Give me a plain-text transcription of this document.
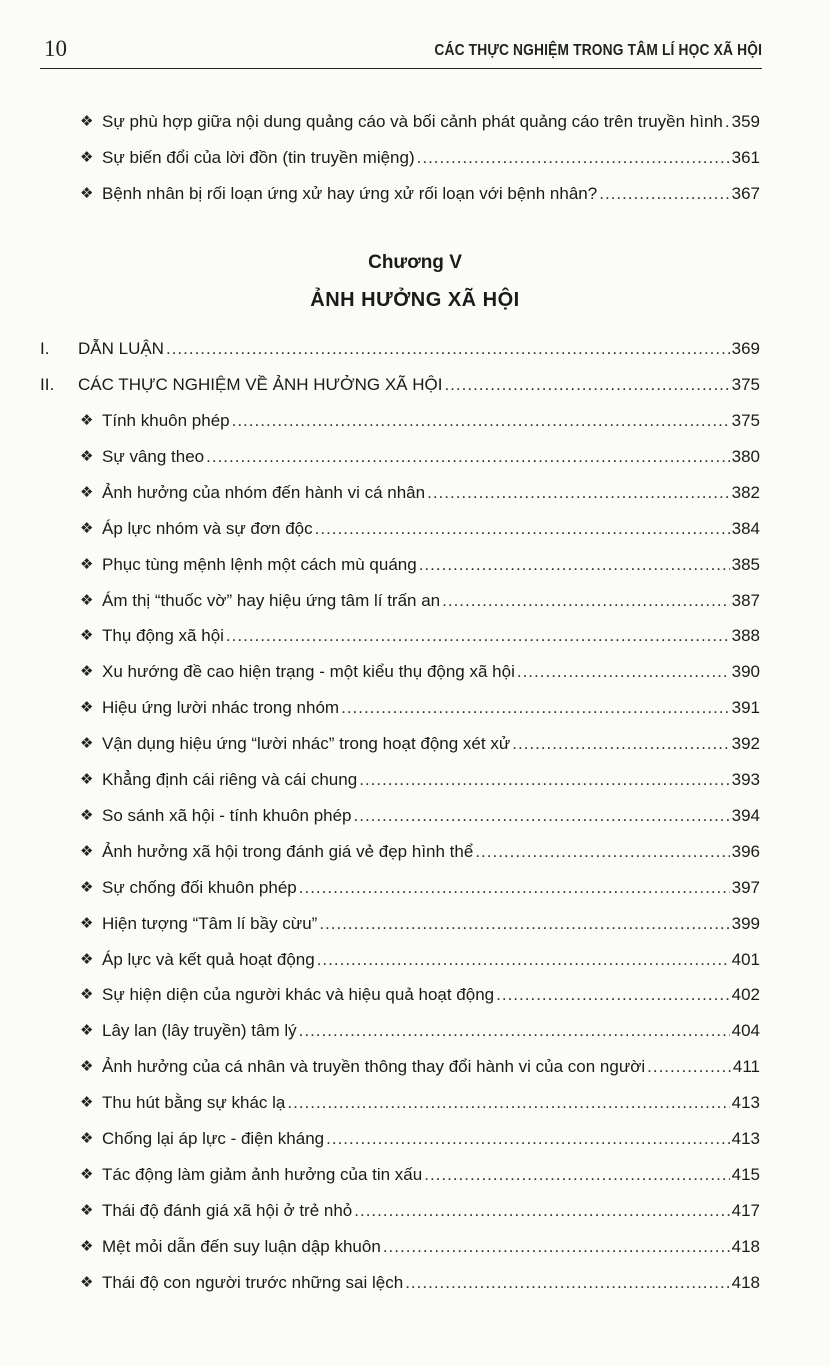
10	CÁC THỰC NGHIỆM TRONG TÂM LÍ HỌC XÃ HỘI
Chương V
ẢNH HƯỞNG XÃ HỘI
❖ Sự phù hợp giữa nội dung quảng cáo và bối cảnh phát quảng cáo trên truyền hình ..... 359
❖ Sự biến đổi của lời đồn (tin truyền miệng) .....	361
❖ Bệnh nhân bị rối loạn ứng xử hay ứng xử rối loạn với bệnh nhân? .....	367
I.	DẪN LUẬN .....	369
II.	CÁC THỰC NGHIỆM VỀ ẢNH HƯỞNG XÃ HỘI .....	375
❖ Tính khuôn phép .....	375
❖ Sự vâng theo .....	380
❖ Ảnh hưởng của nhóm đến hành vi cá nhân .....	382
❖ Áp lực nhóm và sự đơn độc .....	384
❖ Phục tùng mệnh lệnh một cách mù quáng .....	385
❖ Ám thị “thuốc vờ” hay hiệu ứng tâm lí trấn an .....	387
❖ Thụ động xã hội .....	388
❖ Xu hướng đề cao hiện trạng - một kiểu thụ động xã hội .....	390
❖ Hiệu ứng lười nhác trong nhóm .....	391
❖ Vận dụng hiệu ứng “lười nhác” trong hoạt động xét xử .....	392
❖ Khẳng định cái riêng và cái chung .....	393
❖ So sánh xã hội - tính khuôn phép .....	394
❖ Ảnh hưởng xã hội trong đánh giá vẻ đẹp hình thể .....	396
❖ Sự chống đối khuôn phép .....	397
❖ Hiện tượng “Tâm lí bầy cừu” .....	399
❖ Áp lực và kết quả hoạt động .....	401
❖ Sự hiện diện của người khác và hiệu quả hoạt động .....	402
❖ Lây lan (lây truyền) tâm lý .....	404
❖ Ảnh hưởng của cá nhân và truyền thông thay đổi hành vi của con người .....	411
❖ Thu hút bằng sự khác lạ .....	413
❖ Chống lại áp lực - điện kháng .....	413
❖ Tác động làm giảm ảnh hưởng của tin xấu .....	415
❖ Thái độ đánh giá xã hội ở trẻ nhỏ .....	417
❖ Mệt mỏi dẫn đến suy luận dập khuôn .....	418
❖ Thái độ con người trước những sai lệch .....	418
